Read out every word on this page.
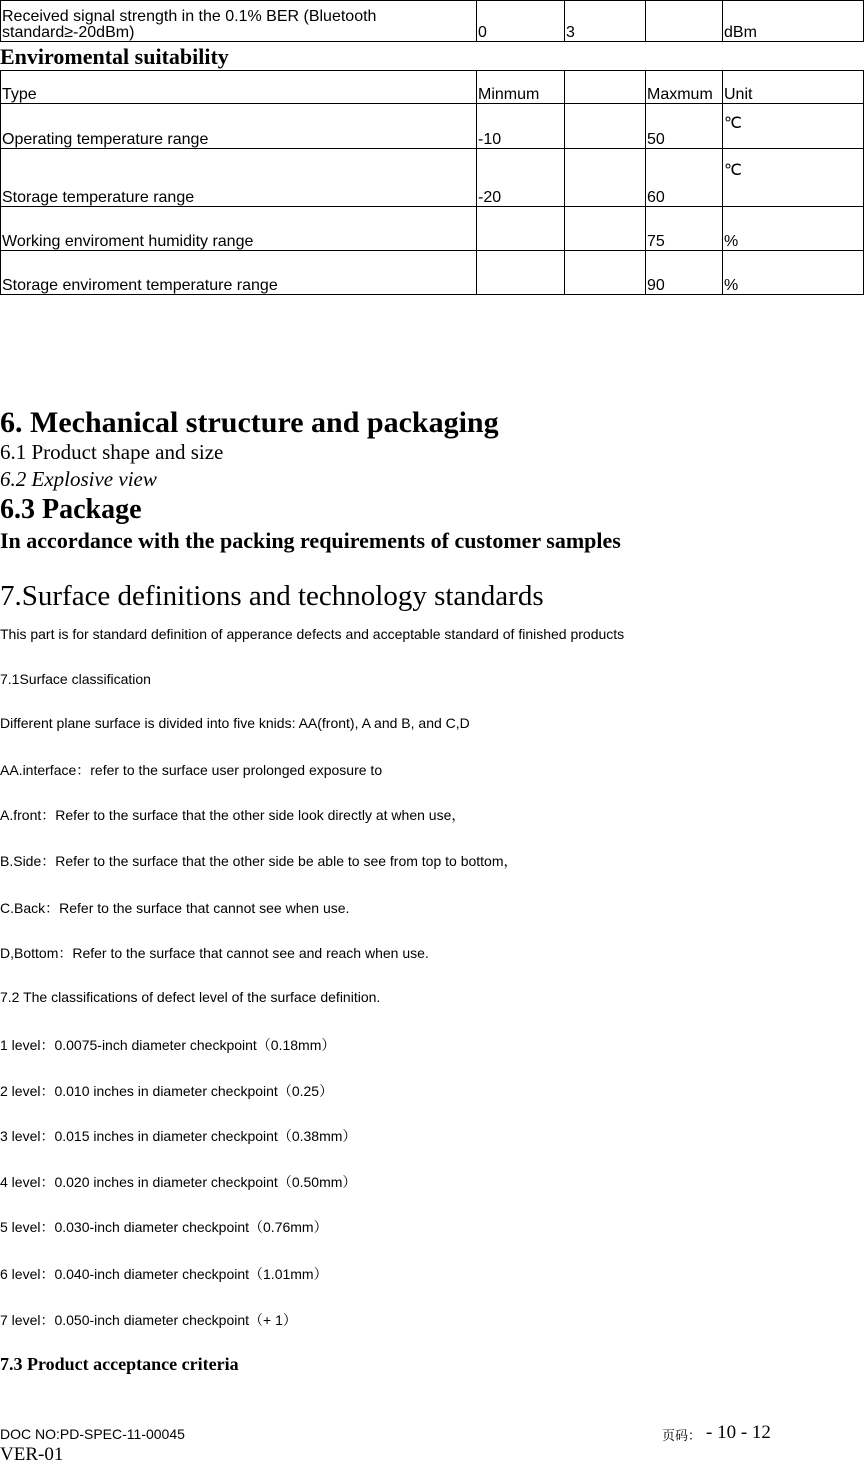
Received signal strength in the 0.1% BER (Bluetooth standard≥-20dBm)	0	3		dBm
Enviromental suitability
Type	Minmum		Maxmum	Unit
Operating temperature range	-10		50	℃
Storage temperature range	-20		60	℃
Working enviroment humidity range			75	%
Storage enviroment temperature range			90	%
6. Mechanical structure and packaging
6.1 Product shape and size
6.2 Explosive view
6.3 Package
In accordance with the packing requirements of customer samples
7.Surface definitions and technology standards
This part is for standard definition of apperance defects and acceptable standard of finished products
7.1Surface classification
Different plane surface is divided into five knids: AA(front), A and B, and C,D
AA.interface：refer to the surface user prolonged exposure to
A.front：Refer to the surface that the other side look directly at when use，
B.Side：Refer to the surface that the other side be able to see from top to bottom，
C.Back：Refer to the surface that cannot see when use.
D,Bottom：Refer to the surface that cannot see and reach when use.
7.2 The classifications of defect level of the surface definition.
1 level：0.0075-inch diameter checkpoint（0.18mm）
2 level：0.010 inches in diameter checkpoint（0.25）
3 level：0.015 inches in diameter checkpoint（0.38mm）
4 level：0.020 inches in diameter checkpoint（0.50mm）
5 level：0.030-inch diameter checkpoint（0.76mm）
6 level：0.040-inch diameter checkpoint（1.01mm）
7 level：0.050-inch diameter checkpoint（+ 1）
7.3 Product acceptance criteria
DOC NO:PD-SPEC-11-00045
VER-01
页码： - 10 - 12
